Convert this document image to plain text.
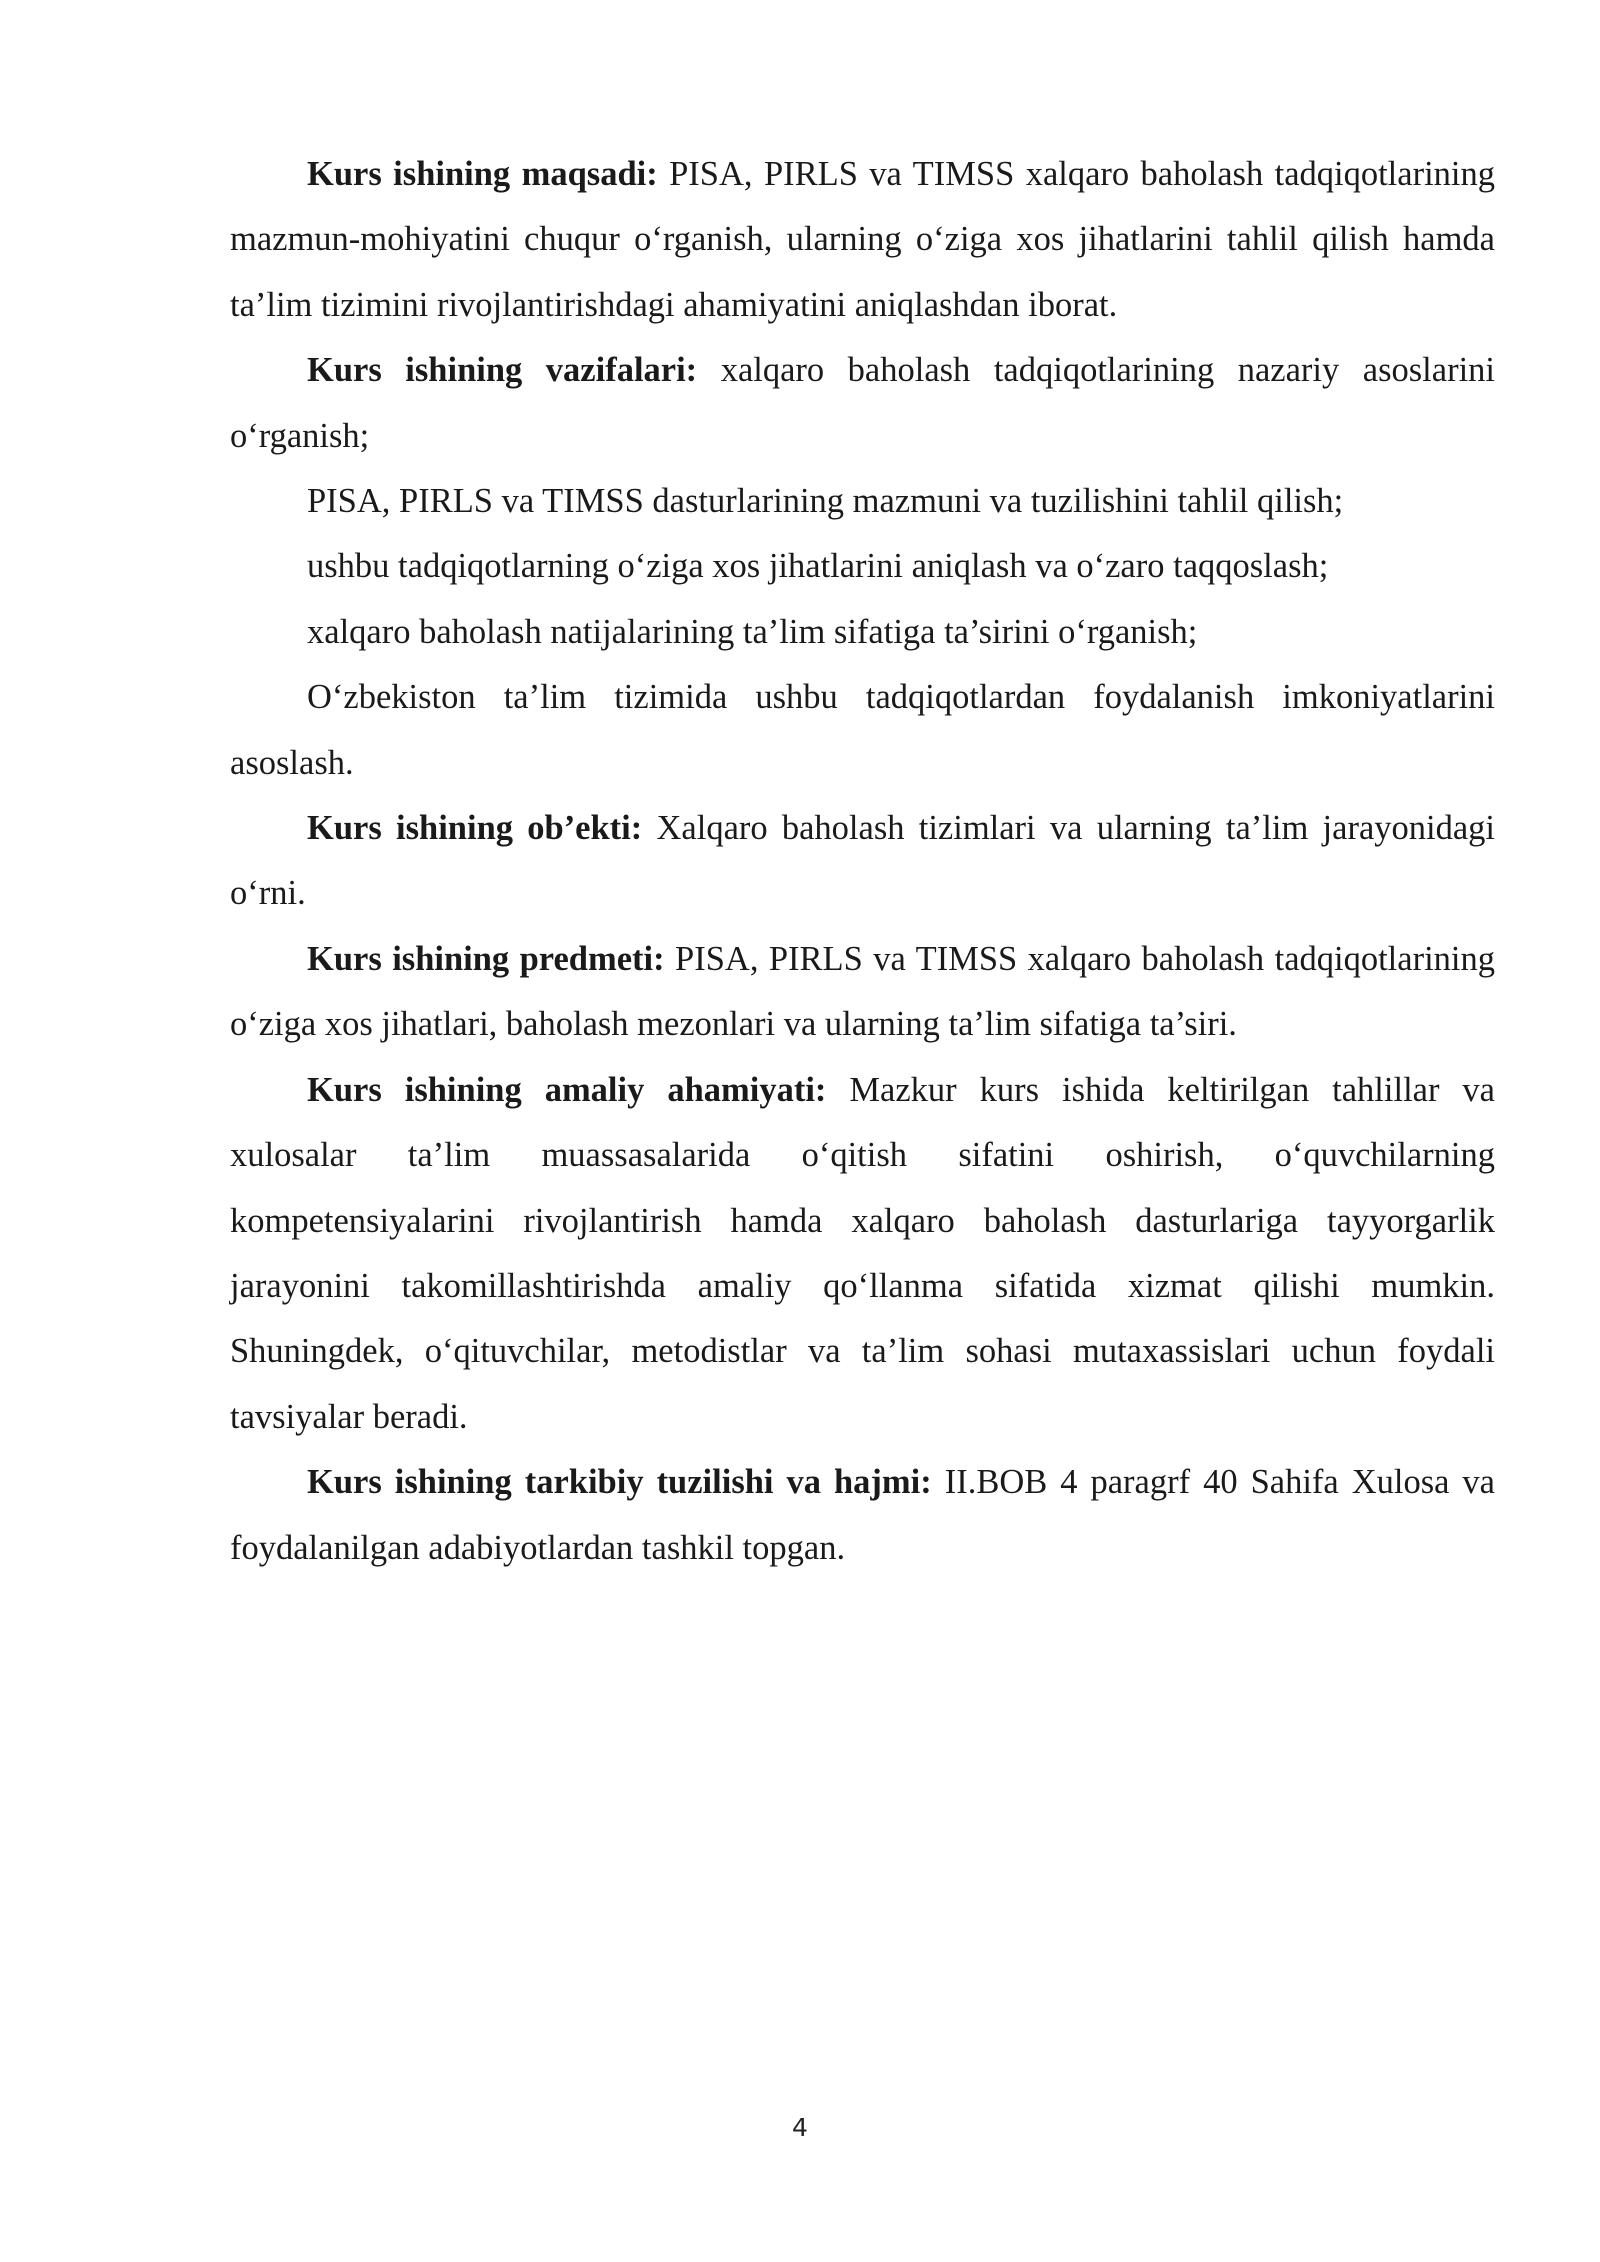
Kurs ishining maqsadi: PISA, PIRLS va TIMSS xalqaro baholash tadqiqotlarining mazmun-mohiyatini chuqur o‘rganish, ularning o‘ziga xos jihatlarini tahlil qilish hamda ta’lim tizimini rivojlantirishdagi ahamiyatini aniqlashdan iborat.

Kurs ishining vazifalari: xalqaro baholash tadqiqotlarining nazariy asoslarini o‘rganish;

PISA, PIRLS va TIMSS dasturlarining mazmuni va tuzilishini tahlil qilish;

ushbu tadqiqotlarning o‘ziga xos jihatlarini aniqlash va o‘zaro taqqoslash;

xalqaro baholash natijalarining ta’lim sifatiga ta’sirini o‘rganish;

O‘zbekiston ta’lim tizimida ushbu tadqiqotlardan foydalanish imkoniyatlarini asoslash.

Kurs ishining ob’ekti: Xalqaro baholash tizimlari va ularning ta’lim jarayonidagi o‘rni.

Kurs ishining predmeti: PISA, PIRLS va TIMSS xalqaro baholash tadqiqotlarining o‘ziga xos jihatlari, baholash mezonlari va ularning ta’lim sifatiga ta’siri.

Kurs ishining amaliy ahamiyati: Mazkur kurs ishida keltirilgan tahlillar va xulosalar ta’lim muassasalarida o‘qitish sifatini oshirish, o‘quvchilarning kompetensiyalarini rivojlantirish hamda xalqaro baholash dasturlariga tayyorgarlik jarayonini takomillashtirishda amaliy qo‘llanma sifatida xizmat qilishi mumkin. Shuningdek, o‘qituvchilar, metodistlar va ta’lim sohasi mutaxassislari uchun foydali tavsiyalar beradi.

Kurs ishining tarkibiy tuzilishi va hajmi: II.BOB 4 paragrf 40 Sahifa Xulosa va foydalanilgan adabiyotlardan tashkil topgan.

4
